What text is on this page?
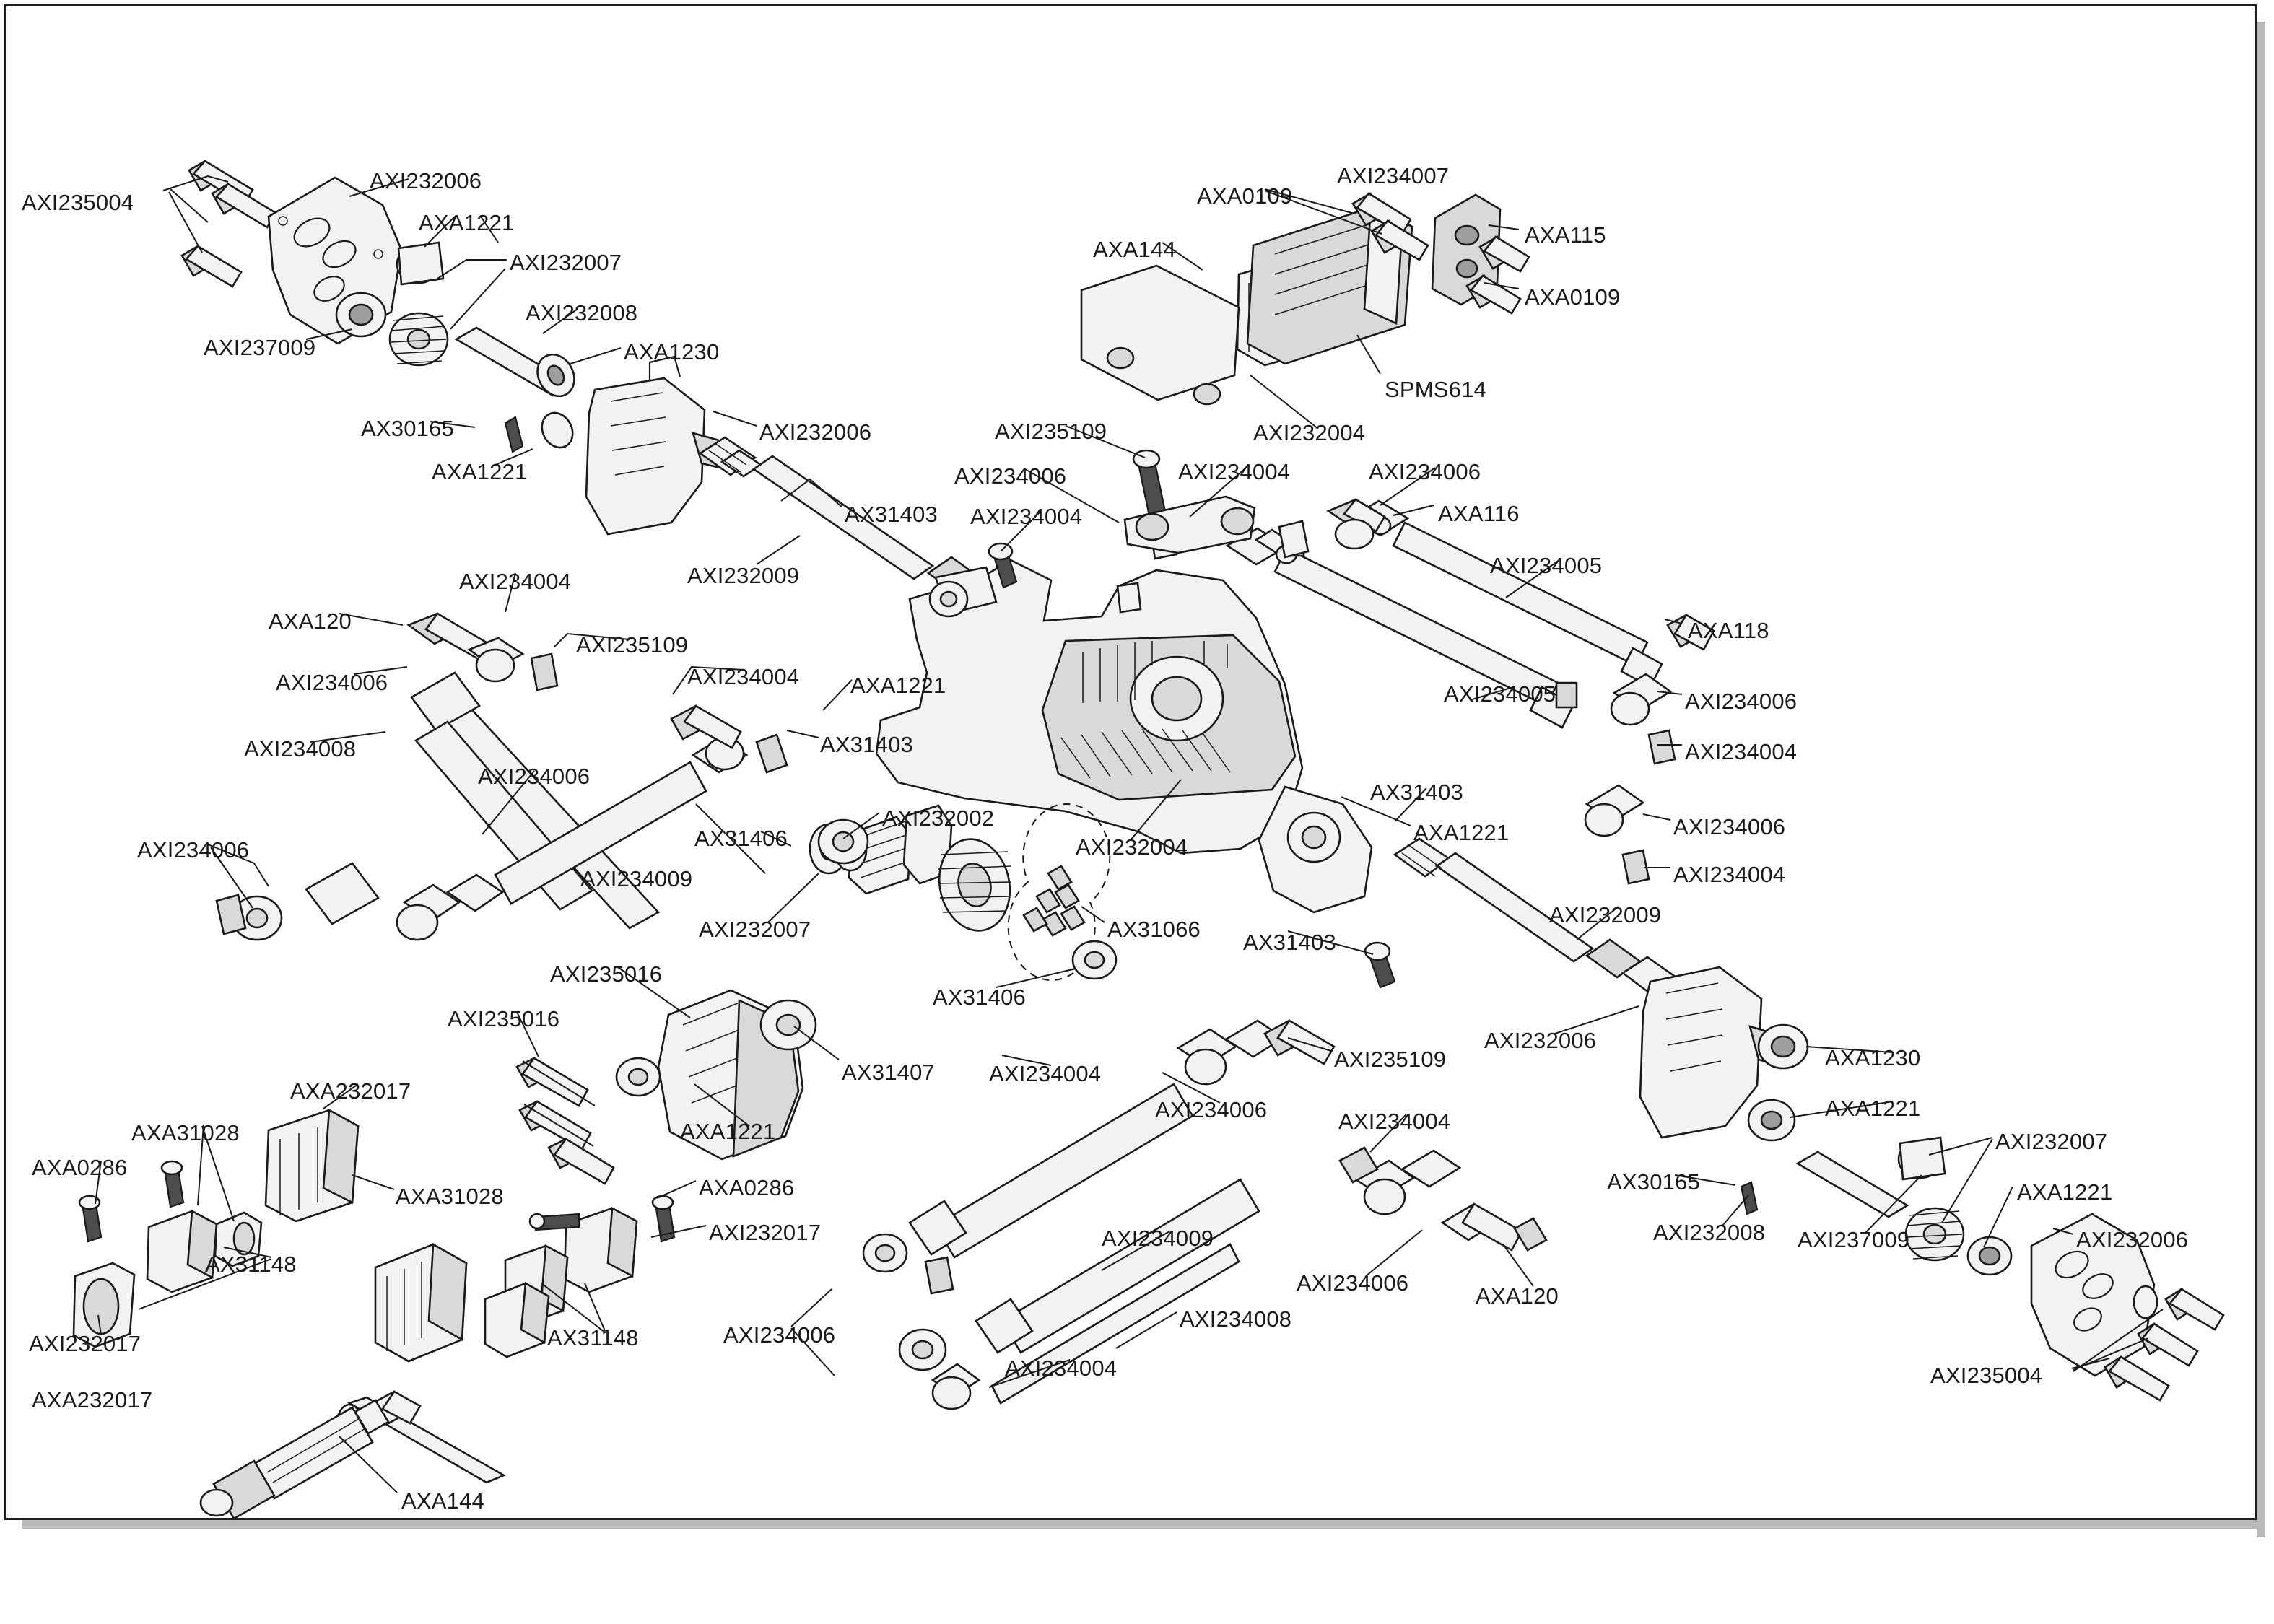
AXI235004
AXI232006
AXA1221
AXI232007
AXI237009
AXI232008
AXA1230
AX30165
AXA1221
AXI232006
AX31403
AXI232009
AXA120
AXI234004
AXI234006
AXI235109
AXI234004 AXA1221
AXI234008
AXI234006
AX31403
AX31406
AXI232002
AXI234006
AXI234009
AXI232004
AXA1221
AX31403
AXI234005
AXI234005
AXA118
AXI234006
AXI234004
AXI234006
AXI234004
AXI232009
AXI232007	AX31066
AX31403
AX31406
AXI235016
AXI235016
AX31407 AXI234004
AXI235109
AXA1221
AXI234006	AXI234004
AXA232017
AXA31028
AXA0286
AXA31028	AXA0286
AXI232017
AX31148
AXI232017	AX31148
AXA232017
AXI234006
AXI234004
AXI234008
AXI234009
AXI234006
AXA120
AXA144
AXA144
AXA0109
AXI234007
AXA115
AXA0109
SPMS614
AXI232004
AXI235109
AXI234006	AXI234004	AXI234006
AXA116
AXI234004
AXI232006
AXA1230
AXA1221
AXI232007
AX30165	AXA1221
AXI232008 AXI237009	AXI232006
AXI235004
